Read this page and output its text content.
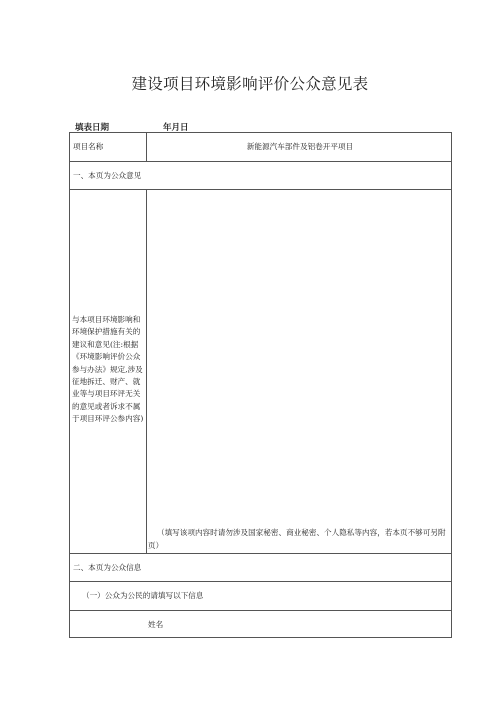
建设项目环境影响评价公众意见表
填表日期	年月日
项目名称	新能源汽车部件及铝卷开平项目
一、本页为公众意见
与本项目环境影响和环境保护措施有关的建议和意见(注:根据《环境影响评价公众参与办法》规定,涉及征地拆迁、财产、就业等与项目环评无关的意见或者诉求不属于项目环评公参内容)
（填写该项内容时请勿涉及国家秘密、商业秘密、个人隐私等内容，若本页不够可另附页）
二、本页为公众信息
（一）公众为公民的请填写以下信息
姓名
